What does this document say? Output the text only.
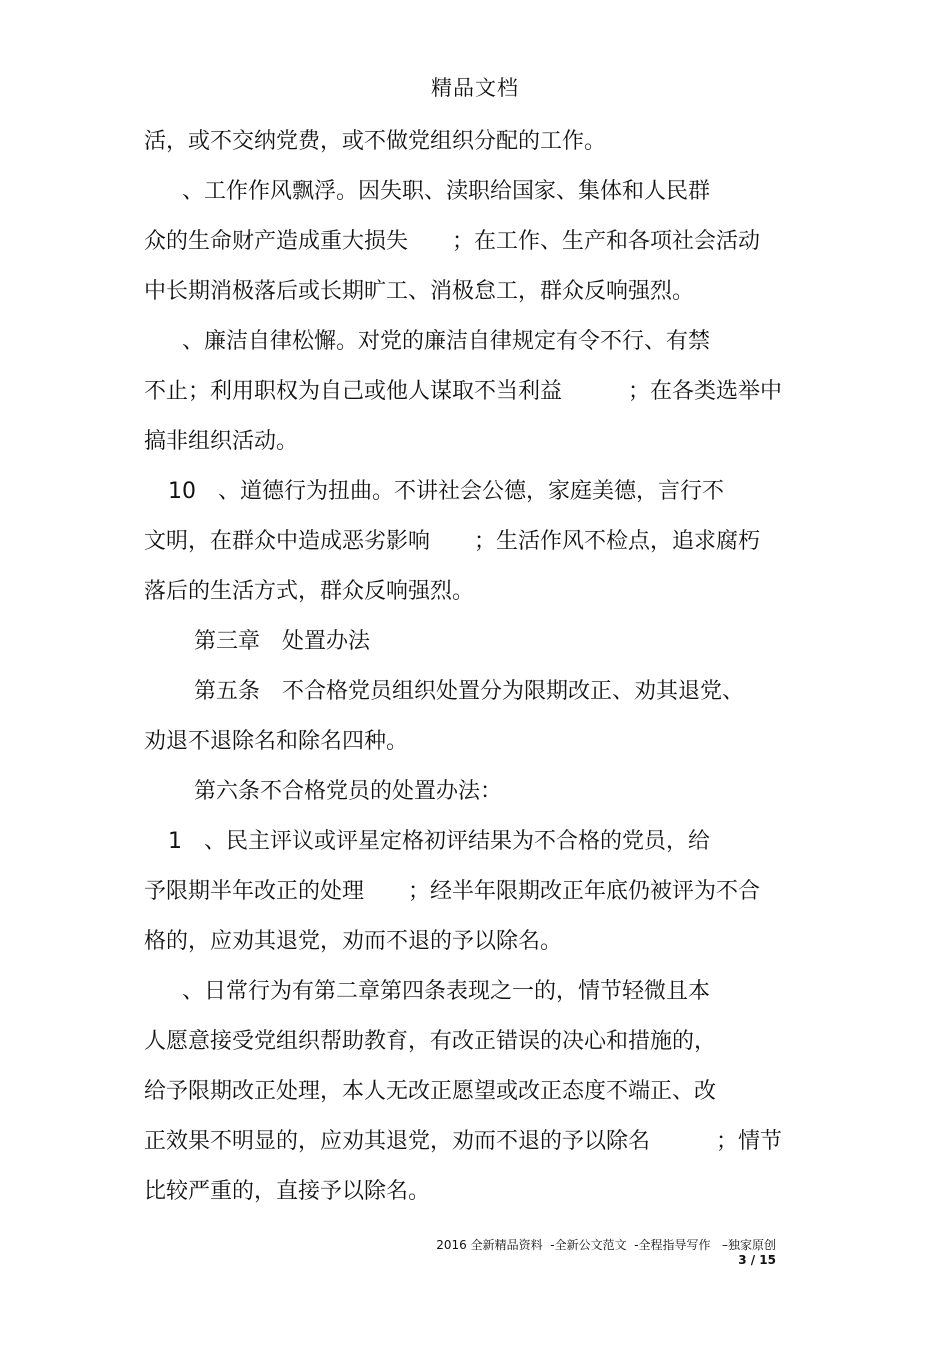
精品文档
活，或不交纳党费，或不做党组织分配的工作。
、工作作风飘浮。因失职、渎职给国家、集体和人民群
众的生命财产造成重大损失　　；在工作、生产和各项社会活动
中长期消极落后或长期旷工、消极怠工，群众反响强烈。
、廉洁自律松懈。对党的廉洁自律规定有令不行、有禁
不止；利用职权为自己或他人谋取不当利益　　　；在各类选举中
搞非组织活动。
10　、道德行为扭曲。不讲社会公德，家庭美德，言行不
文明，在群众中造成恶劣影响　　；生活作风不检点，追求腐朽
落后的生活方式，群众反响强烈。
第三章　处置办法
第五条　不合格党员组织处置分为限期改正、劝其退党、
劝退不退除名和除名四种。
第六条不合格党员的处置办法：
1　、民主评议或评星定格初评结果为不合格的党员，给
予限期半年改正的处理　　；经半年限期改正年底仍被评为不合
格的，应劝其退党，劝而不退的予以除名。
、日常行为有第二章第四条表现之一的，情节轻微且本
人愿意接受党组织帮助教育，有改正错误的决心和措施的，
给予限期改正处理，本人无改正愿望或改正态度不端正、改
正效果不明显的，应劝其退党，劝而不退的予以除名　　　；情节
比较严重的，直接予以除名。
2016 全新精品资料  -全新公文范文  -全程指导写作   –独家原创
3 / 15
